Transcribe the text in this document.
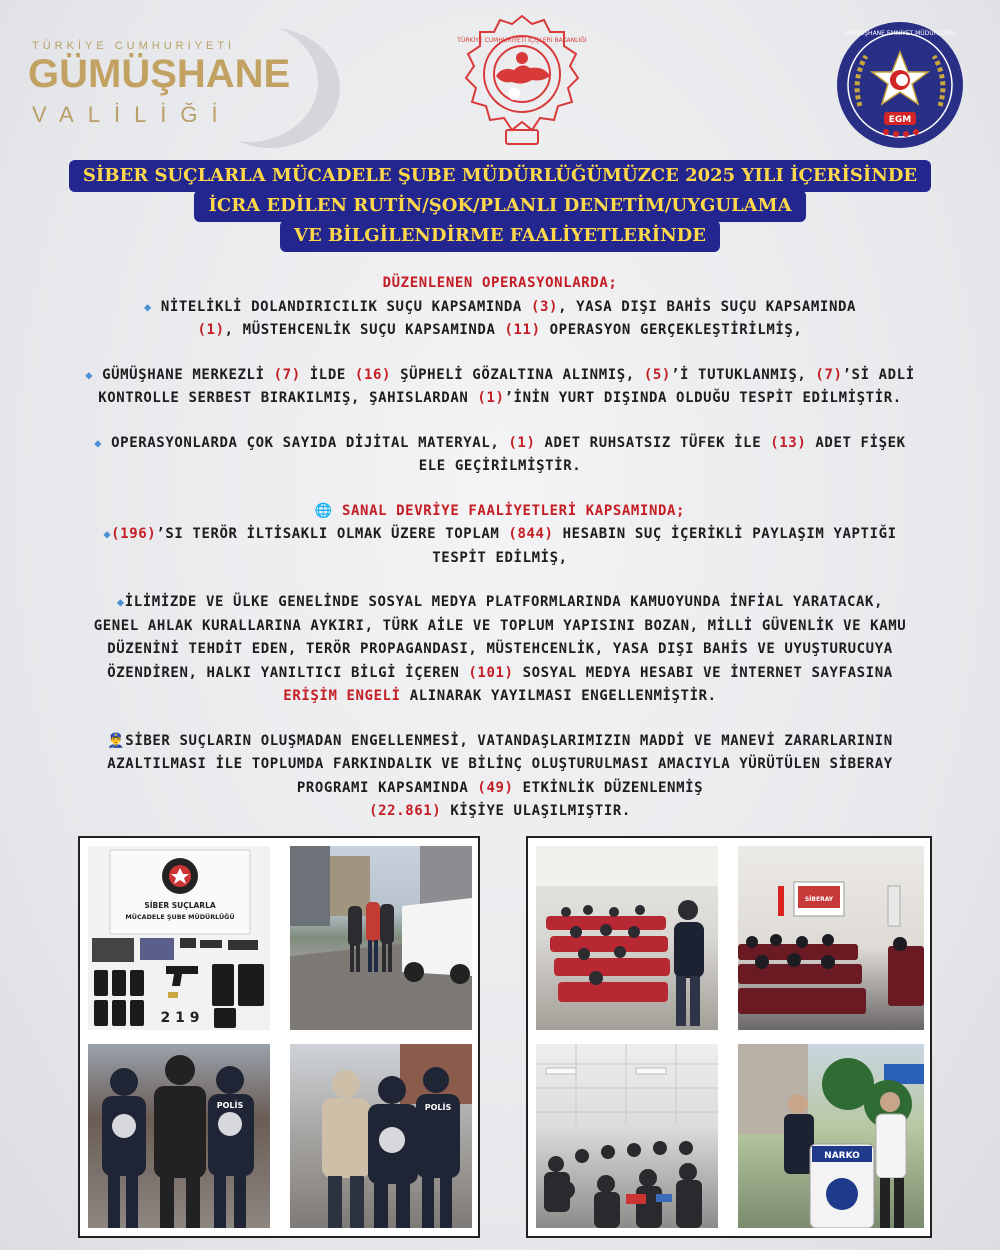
TÜRKİYE CUMHURİYETİ
GÜMÜŞHANE
VALİLİĞİ
TÜRKİYE CUMHURİYETİ İÇİŞLERİ BAKANLIĞI
EGM
GÜMÜŞHANE EMNİYET MÜDÜRLÜĞÜ
SİBER SUÇLARLA MÜCADELE ŞUBE MÜDÜRLÜĞÜMÜZCE 2025 YILI İÇERİSİNDE
İCRA EDİLEN RUTİN/ŞOK/PLANLI DENETİM/UYGULAMA
VE BİLGİLENDİRME FAALİYETLERİNDE
DÜZENLENEN OPERASYONLARDA;

◆ NİTELİKLİ DOLANDIRICILIK SUÇU KAPSAMINDA (3), YASA DIŞI BAHİS SUÇU KAPSAMINDA
(1), MÜSTEHCENLİK SUÇU KAPSAMINDA (11) OPERASYON GERÇEKLEŞTİRİLMİŞ,

◆ GÜMÜŞHANE MERKEZLİ (7) İLDE (16) ŞÜPHELİ GÖZALTINA ALINMIŞ, (5)’İ TUTUKLANMIŞ, (7)’Sİ ADLİ
KONTROLLE SERBEST BIRAKILMIŞ, ŞAHISLARDAN (1)’İNİN YURT DIŞINDA OLDUĞU TESPİT EDİLMİŞTİR.

◆ OPERASYONLARDA ÇOK SAYIDA DİJİTAL MATERYAL, (1) ADET RUHSATSIZ TÜFEK İLE (13) ADET FİŞEK
ELE GEÇİRİLMİŞTİR.

🌐 SANAL DEVRİYE FAALİYETLERİ KAPSAMINDA;

◆(196)’SI TERÖR İLTİSAKLI OLMAK ÜZERE TOPLAM (844) HESABIN SUÇ İÇERİKLİ PAYLAŞIM YAPTIĞI
TESPİT EDİLMİŞ,

◆İLİMİZDE VE ÜLKE GENELİNDE SOSYAL MEDYA PLATFORMLARINDA KAMUOYUNDA İNFİAL YARATACAK,
GENEL AHLAK KURALLARINA AYKIRI, TÜRK AİLE VE TOPLUM YAPISINI BOZAN, MİLLİ GÜVENLİK VE KAMU
DÜZENİNİ TEHDİT EDEN, TERÖR PROPAGANDASI, MÜSTEHCENLİK, YASA DIŞI BAHİS VE UYUŞTURUCUYA
ÖZENDİREN, HALKI YANILTICI BİLGİ İÇEREN (101) SOSYAL MEDYA HESABI VE İNTERNET SAYFASINA
ERİŞİM ENGELİ ALINARAK YAYILMASI ENGELLENMİŞTİR.

👮‍♂️SİBER SUÇLARIN OLUŞMADAN ENGELLENMESİ, VATANDAŞLARIMIZIN MADDİ VE MANEVİ ZARARLARININ
AZALTILMASI İLE TOPLUMDA FARKINDALIK VE BİLİNÇ OLUŞTURULMASI AMACIYLA YÜRÜTÜLEN SİBERAY
PROGRAMI KAPSAMINDA (49) ETKİNLİK DÜZENLENMİŞ
(22.861) KİŞİYE ULAŞILMIŞTIR.

SİBER SUÇLARLA
MÜCADELE ŞUBE MÜDÜRLÜĞÜ
2 1 9
POLİS	POLİS
SİBERAY
NARKO
